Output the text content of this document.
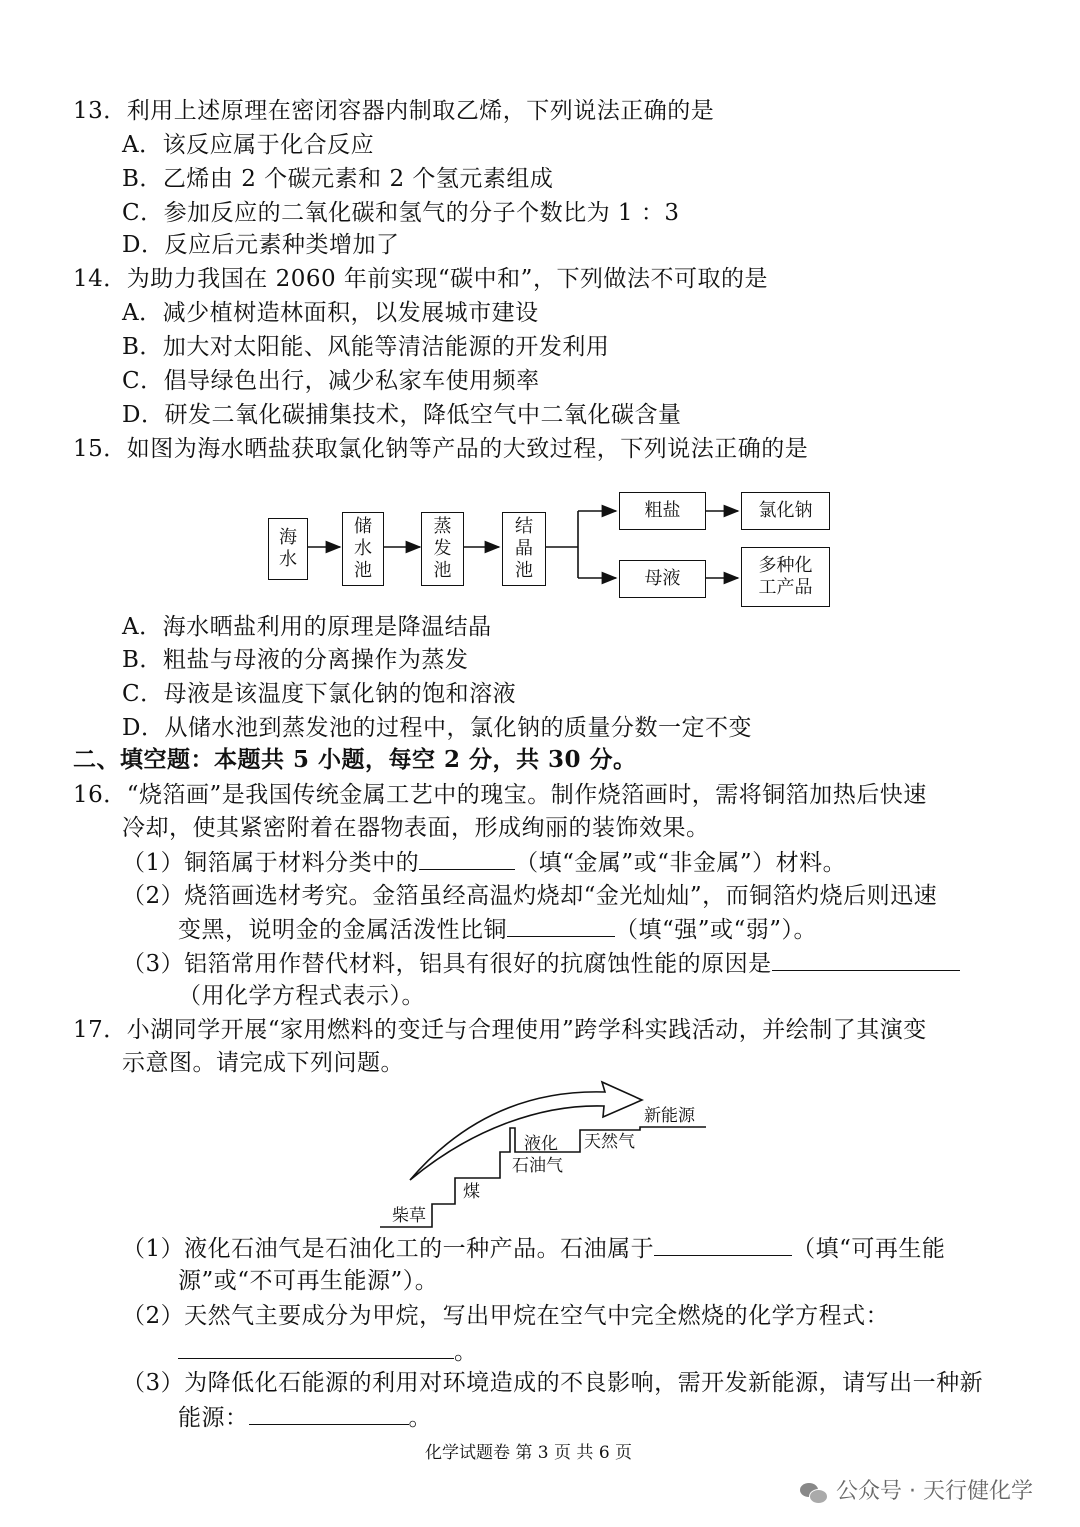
13．利用上述原理在密闭容器内制取乙烯，下列说法正确的是
A．该反应属于化合反应
B．乙烯由 2 个碳元素和 2 个氢元素组成
C．参加反应的二氧化碳和氢气的分子个数比为 1 ：3
D．反应后元素种类增加了
14．为助力我国在 2060 年前实现“碳中和”，下列做法不可取的是
A．减少植树造林面积，以发展城市建设
B．加大对太阳能、风能等清洁能源的开发利用
C．倡导绿色出行，减少私家车使用频率
D．研发二氧化碳捕集技术，降低空气中二氧化碳含量
15．如图为海水晒盐获取氯化钠等产品的大致过程，下列说法正确的是
海水
储水池
蒸发池
结晶池
粗盐	氯化钠
母液
多种化
工产品
A．海水晒盐利用的原理是降温结晶
B．粗盐与母液的分离操作为蒸发
C．母液是该温度下氯化钠的饱和溶液
D．从储水池到蒸发池的过程中，氯化钠的质量分数一定不变
二、填空题：本题共 5 小题，每空 2 分，共 30 分。
16．“烧箔画”是我国传统金属工艺中的瑰宝。制作烧箔画时，需将铜箔加热后快速
冷却，使其紧密附着在器物表面，形成绚丽的装饰效果。
（1）铜箔属于材料分类中的	（填“金属”或“非金属”）材料。
（2）烧箔画选材考究。金箔虽经高温灼烧却“金光灿灿”，而铜箔灼烧后则迅速
变黑，说明金的金属活泼性比铜	（填“强”或“弱”）。
（3）铝箔常用作替代材料，铝具有很好的抗腐蚀性能的原因是
（用化学方程式表示）。
17．小湖同学开展“家用燃料的变迁与合理使用”跨学科实践活动，并绘制了其演变
示意图。请完成下列问题。
柴草
煤
液化
石油气
天然气
新能源
（1）液化石油气是石油化工的一种产品。石油属于	（填“可再生能
源”或“不可再生能源”）。
（2）天然气主要成分为甲烷，写出甲烷在空气中完全燃烧的化学方程式：
。
（3）为降低化石能源的利用对环境造成的不良影响，需开发新能源，请写出一种新
能源：	。
化学试题卷 第 3 页 共 6 页
公众号 · 天行健化学
